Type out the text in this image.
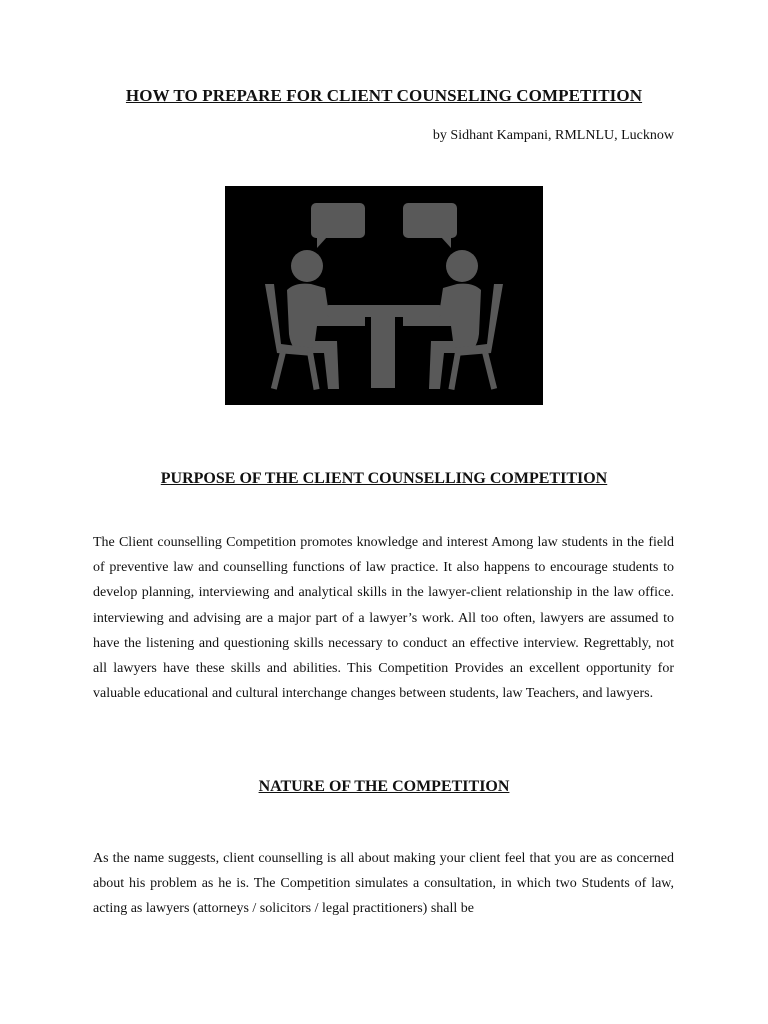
HOW TO PREPARE FOR CLIENT COUNSELING COMPETITION
by Sidhant Kampani, RMLNLU, Lucknow
PURPOSE OF THE CLIENT COUNSELLING COMPETITION

The Client counselling Competition promotes knowledge and interest Among law students in the field of preventive law and counselling functions of law practice. It also happens to encourage students to develop planning, interviewing and analytical skills in the lawyer-client relationship in the law office. interviewing and advising are a major part of a lawyer’s work. All too often, lawyers are assumed to have the listening and questioning skills necessary to conduct an effective interview. Regrettably, not all lawyers have these skills and abilities. This Competition Provides an excellent opportunity for valuable educational and cultural interchange changes between students, law Teachers, and lawyers.

NATURE OF THE COMPETITION

As the name suggests, client counselling is all about making your client feel that you are as concerned about his problem as he is. The Competition simulates a consultation, in which two Students of law, acting as lawyers (attorneys / solicitors / legal practitioners) shall be
